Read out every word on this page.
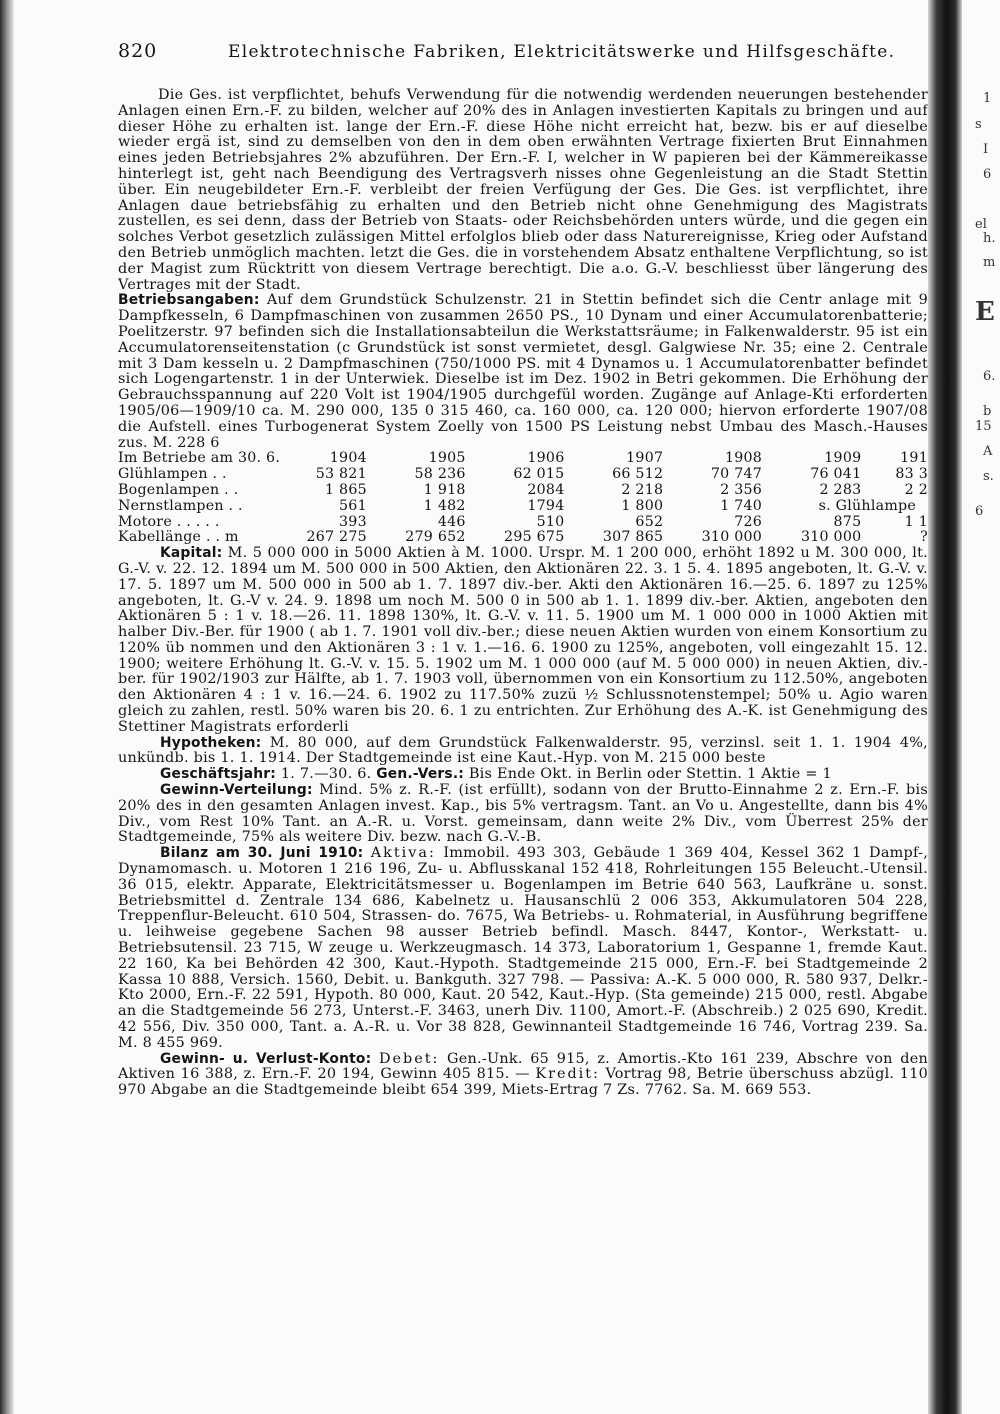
1
s
I
6
el
h.
m
E
6.
b
15
A
s.
6
820	Elektrotechnische Fabriken, Elektricitätswerke und Hilfsgeschäfte.

Die Ges. ist verpflichtet, behufs Verwendung für die notwendig werdenden neuerungen bestehender Anlagen einen Ern.-F. zu bilden, welcher auf 20% des in Anlagen investierten Kapitals zu bringen und auf dieser Höhe zu erhalten ist. lange der Ern.-F. diese Höhe nicht erreicht hat, bezw. bis er auf dieselbe wieder ergä ist, sind zu demselben von den in dem oben erwähnten Vertrage fixierten Brut Einnahmen eines jeden Betriebsjahres 2% abzuführen. Der Ern.-F. I, welcher in W papieren bei der Kämmereikasse hinterlegt ist, geht nach Beendigung des Vertragsverh nisses ohne Gegenleistung an die Stadt Stettin über. Ein neugebildeter Ern.-F. verbleibt der freien Verfügung der Ges. Die Ges. ist verpflichtet, ihre Anlagen daue betriebsfähig zu erhalten und den Betrieb nicht ohne Genehmigung des Magistrats zustellen, es sei denn, dass der Betrieb von Staats- oder Reichsbehörden unters würde, und die gegen ein solches Verbot gesetzlich zulässigen Mittel erfolglos blieb oder dass Naturereignisse, Krieg oder Aufstand den Betrieb unmöglich machten. letzt die Ges. die in vorstehendem Absatz enthaltene Verpflichtung, so ist der Magist zum Rücktritt von diesem Vertrage berechtigt. Die a.o. G.-V. beschliesst über längerung des Vertrages mit der Stadt.

Betriebsangaben: Auf dem Grundstück Schulzenstr. 21 in Stettin befindet sich die Centr anlage mit 9 Dampfkesseln, 6 Dampfmaschinen von zusammen 2650 PS., 10 Dynam und einer Accumulatorenbatterie; Poelitzerstr. 97 befinden sich die Installationsabteilun die Werkstattsräume; in Falkenwalderstr. 95 ist ein Accumulatorenseitenstation (c Grundstück ist sonst vermietet, desgl. Galgwiese Nr. 35; eine 2. Centrale mit 3 Dam kesseln u. 2 Dampfmaschinen (750/1000 PS. mit 4 Dynamos u. 1 Accumulatorenbatter befindet sich Logengartenstr. 1 in der Unterwiek. Dieselbe ist im Dez. 1902 in Betri gekommen. Die Erhöhung der Gebrauchsspannung auf 220 Volt ist 1904/1905 durchgefül worden. Zugänge auf Anlage-Kti erforderten 1905/06—1909/10 ca. M. 290 000, 135 0 315 460, ca. 160 000, ca. 120 000; hiervon erforderte 1907/08 die Aufstell. eines Turbogenerat System Zoelly von 1500 PS Leistung nebst Umbau des Masch.-Hauses zus. M. 228 6

Im Betriebe am 30. 6.	1904	1905	1906	1907	1908	1909	191
Glühlampen . .	53 821	58 236	62 015	66 512	70 747	76 041	83 3
Bogenlampen . .	1 865	1 918	2084	2 218	2 356	2 283	2 2
Nernstlampen . .	561	1 482	1794	1 800	1 740	s. Glühlampe	
Motore . . . . .	393	446	510	652	726	875	1 1
Kabellänge . . m	267 275	279 652	295 675	307 865	310 000	310 000	?

Kapital: M. 5 000 000 in 5000 Aktien à M. 1000. Urspr. M. 1 200 000, erhöht 1892 u M. 300 000, lt. G.-V. v. 22. 12. 1894 um M. 500 000 in 500 Aktien, den Aktionären 22. 3. 1 5. 4. 1895 angeboten, lt. G.-V. v. 17. 5. 1897 um M. 500 000 in 500 ab 1. 7. 1897 div.-ber. Akti den Aktionären 16.—25. 6. 1897 zu 125% angeboten, lt. G.-V v. 24. 9. 1898 um noch M. 500 0 in 500 ab 1. 1. 1899 div.-ber. Aktien, angeboten den Aktionären 5 : 1 v. 18.—26. 11. 1898 130%, lt. G.-V. v. 11. 5. 1900 um M. 1 000 000 in 1000 Aktien mit halber Div.-Ber. für 1900 ( ab 1. 7. 1901 voll div.-ber.; diese neuen Aktien wurden von einem Konsortium zu 120% üb nommen und den Aktionären 3 : 1 v. 1.—16. 6. 1900 zu 125%, angeboten, voll eingezahlt 15. 12. 1900; weitere Erhöhung lt. G.-V. v. 15. 5. 1902 um M. 1 000 000 (auf M. 5 000 000) in neuen Aktien, div.-ber. für 1902/1903 zur Hälfte, ab 1. 7. 1903 voll, übernommen von ein Konsortium zu 112.50%, angeboten den Aktionären 4 : 1 v. 16.—24. 6. 1902 zu 117.50% zuzü ½ Schlussnotenstempel; 50% u. Agio waren gleich zu zahlen, restl. 50% waren bis 20. 6. 1 zu entrichten. Zur Erhöhung des A.-K. ist Genehmigung des Stettiner Magistrats erforderli

Hypotheken: M. 80 000, auf dem Grundstück Falkenwalderstr. 95, verzinsl. seit 1. 1. 1904 4%, unkündb. bis 1. 1. 1914. Der Stadtgemeinde ist eine Kaut.-Hyp. von M. 215 000 beste

Geschäftsjahr: 1. 7.—30. 6. Gen.-Vers.: Bis Ende Okt. in Berlin oder Stettin. 1 Aktie = 1

Gewinn-Verteilung: Mind. 5% z. R.-F. (ist erfüllt), sodann von der Brutto-Einnahme 2 z. Ern.-F. bis 20% des in den gesamten Anlagen invest. Kap., bis 5% vertragsm. Tant. an Vo u. Angestellte, dann bis 4% Div., vom Rest 10% Tant. an A.-R. u. Vorst. gemeinsam, dann weite 2% Div., vom Überrest 25% der Stadtgemeinde, 75% als weitere Div. bezw. nach G.-V.-B.

Bilanz am 30. Juni 1910: Aktiva: Immobil. 493 303, Gebäude 1 369 404, Kessel 362 1 Dampf-, Dynamomasch. u. Motoren 1 216 196, Zu- u. Abflusskanal 152 418, Rohrleitungen 155 Beleucht.-Utensil. 36 015, elektr. Apparate, Elektricitätsmesser u. Bogenlampen im Betrie 640 563, Laufkräne u. sonst. Betriebsmittel d. Zentrale 134 686, Kabelnetz u. Hausanschlü 2 006 353, Akkumulatoren 504 228, Treppenflur-Beleucht. 610 504, Strassen- do. 7675, Wa Betriebs- u. Rohmaterial, in Ausführung begriffene u. leihweise gegebene Sachen 98 ausser Betrieb befindl. Masch. 8447, Kontor-, Werkstatt- u. Betriebsutensil. 23 715, W zeuge u. Werkzeugmasch. 14 373, Laboratorium 1, Gespanne 1, fremde Kaut. 22 160, Ka bei Behörden 42 300, Kaut.-Hypoth. Stadtgemeinde 215 000, Ern.-F. bei Stadtgemeinde 2 Kassa 10 888, Versich. 1560, Debit. u. Bankguth. 327 798. — Passiva: A.-K. 5 000 000, R. 580 937, Delkr.-Kto 2000, Ern.-F. 22 591, Hypoth. 80 000, Kaut. 20 542, Kaut.-Hyp. (Sta gemeinde) 215 000, restl. Abgabe an die Stadtgemeinde 56 273, Unterst.-F. 3463, unerh Div. 1100, Amort.-F. (Abschreib.) 2 025 690, Kredit. 42 556, Div. 350 000, Tant. a. A.-R. u. Vor 38 828, Gewinnanteil Stadtgemeinde 16 746, Vortrag 239. Sa. M. 8 455 969.

Gewinn- u. Verlust-Konto: Debet: Gen.-Unk. 65 915, z. Amortis.-Kto 161 239, Abschre von den Aktiven 16 388, z. Ern.-F. 20 194, Gewinn 405 815. — Kredit: Vortrag 98, Betrie überschuss abzügl. 110 970 Abgabe an die Stadtgemeinde bleibt 654 399, Miets-Ertrag 7 Zs. 7762. Sa. M. 669 553.
